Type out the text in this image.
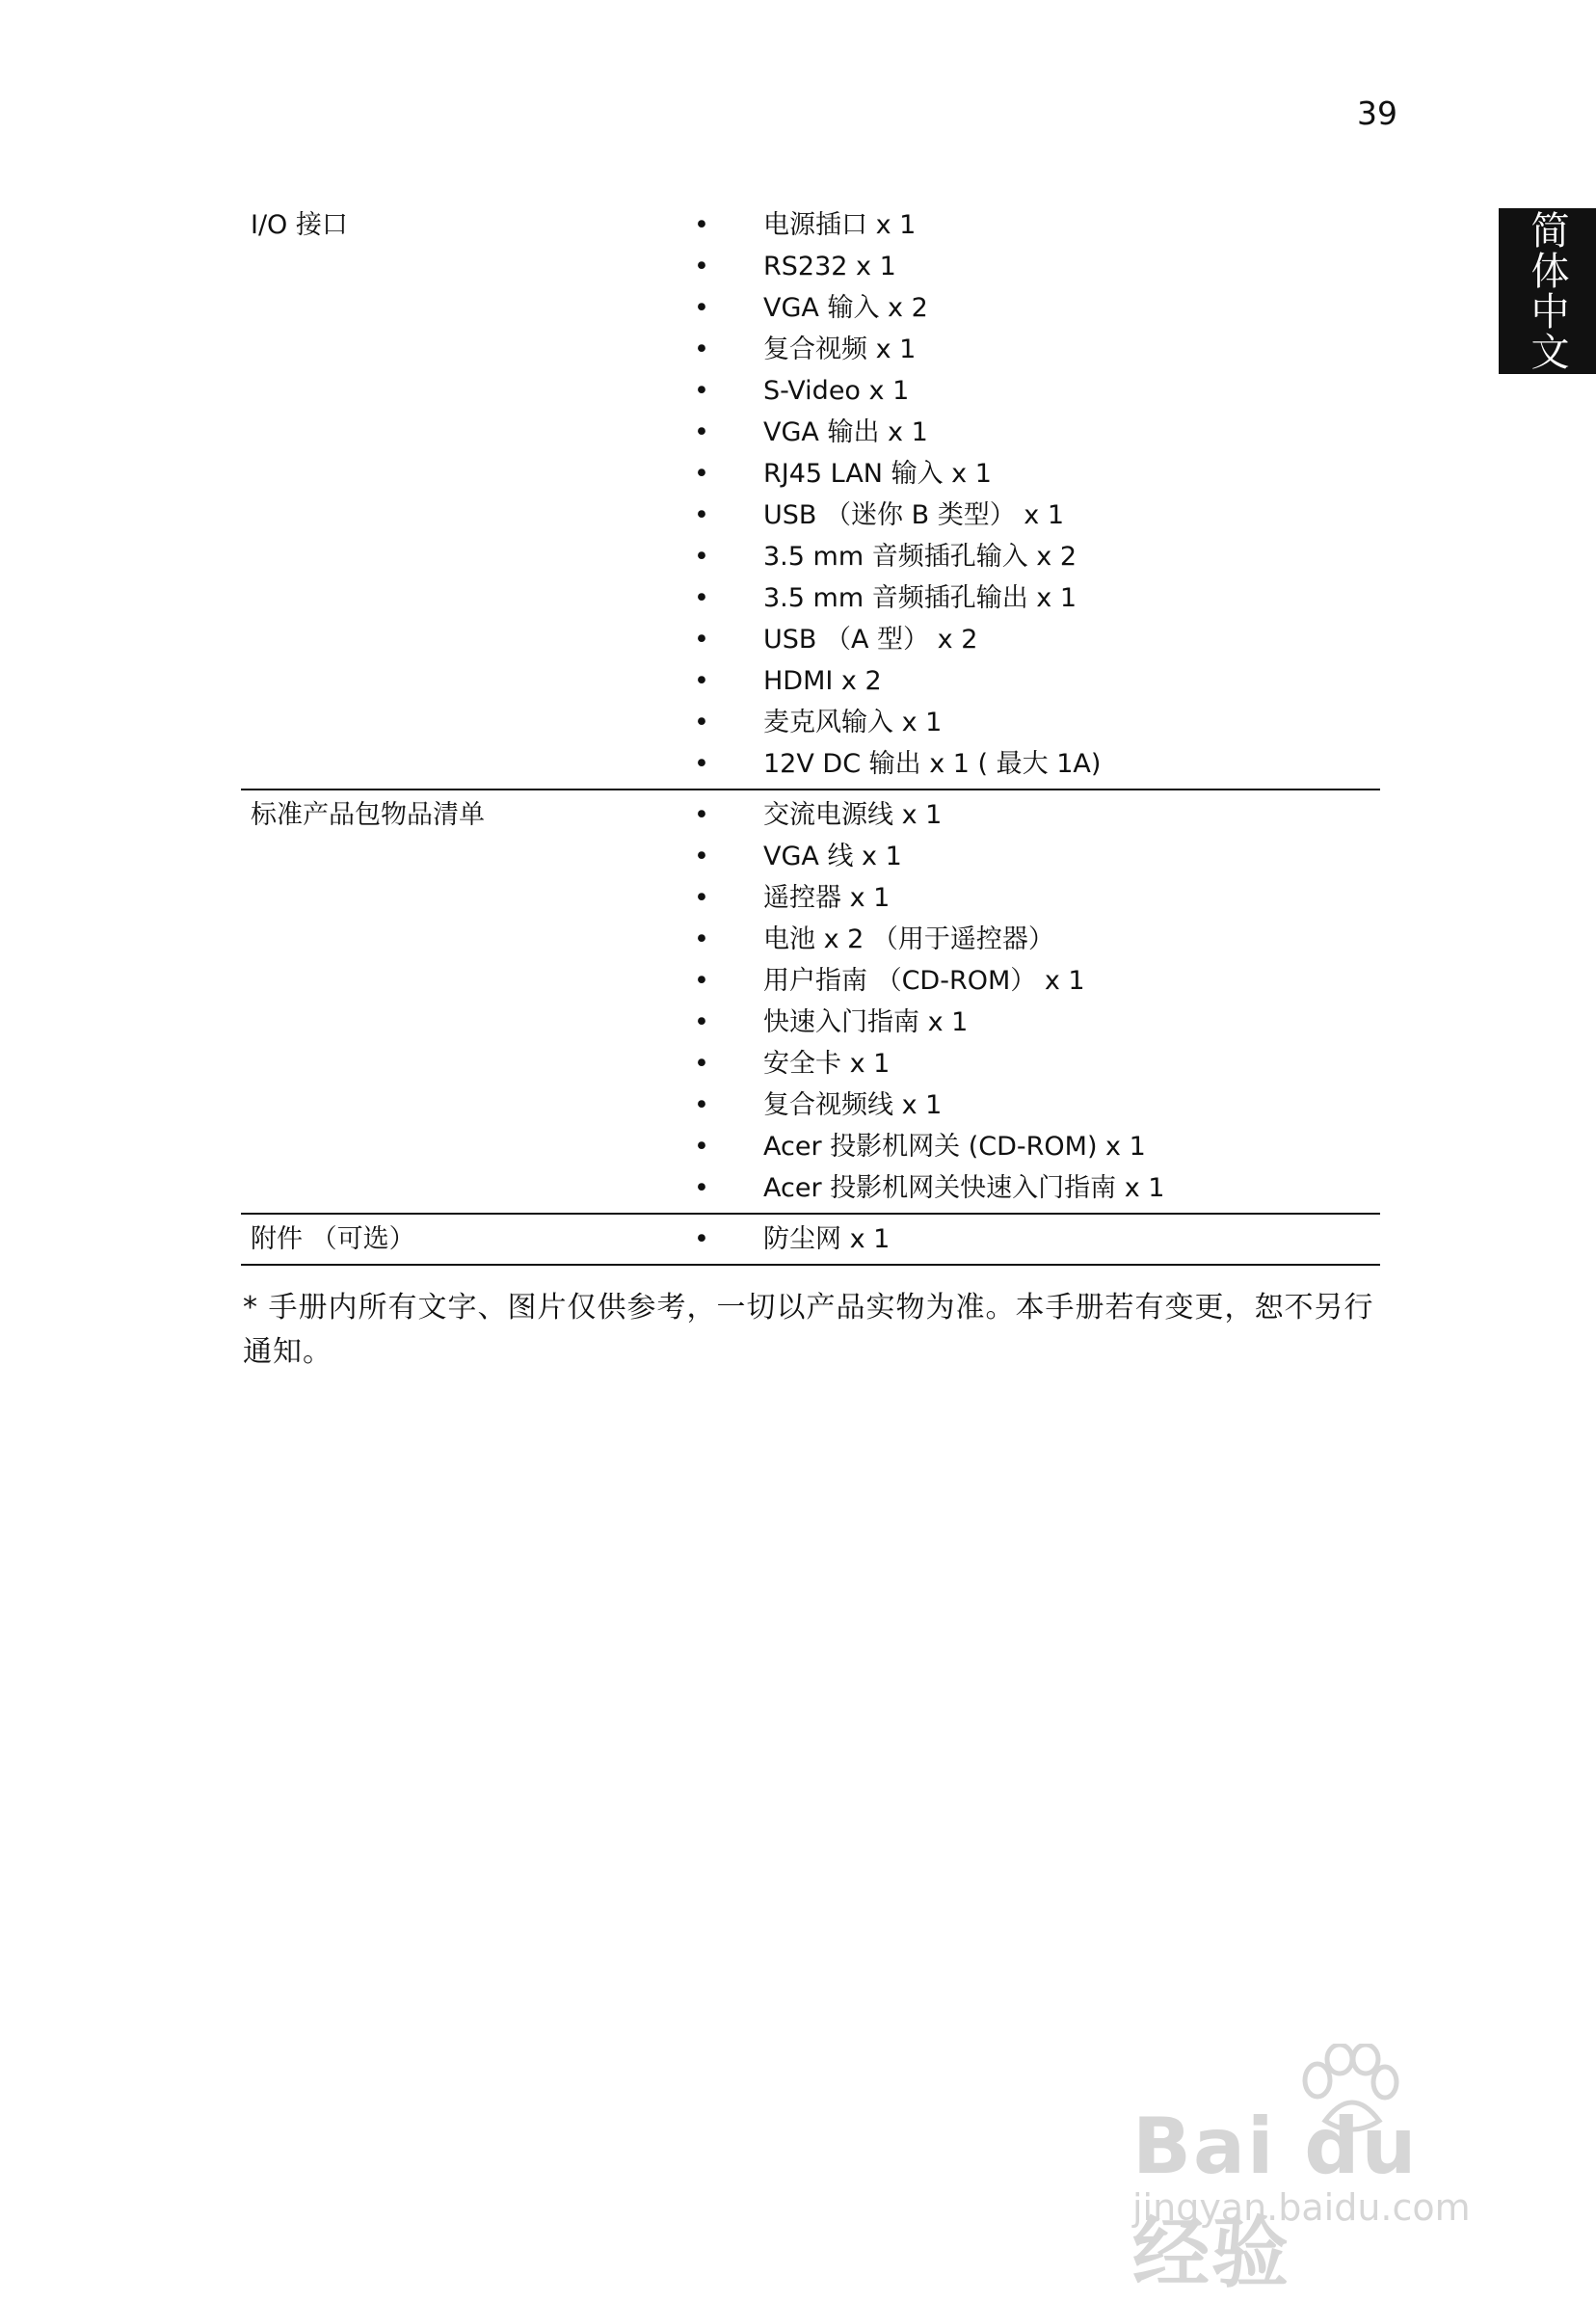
39
简体中文
I/O 接口	• 电源插口 x 1
• RS232 x 1
• VGA 输入 x 2
• 复合视频 x 1
• S-Video x 1
• VGA 输出 x 1
• RJ45 LAN 输入 x 1
• USB （迷你 B 类型） x 1
• 3.5 mm 音频插孔输入 x 2
• 3.5 mm 音频插孔输出 x 1
• USB （A 型） x 2
• HDMI x 2
• 麦克风输入 x 1
• 12V DC 输出 x 1 ( 最大 1A)
标准产品包物品清单	• 交流电源线 x 1
• VGA 线 x 1
• 遥控器 x 1
• 电池 x 2 （用于遥控器）
• 用户指南 （CD-ROM） x 1
• 快速入门指南 x 1
• 安全卡 x 1
• 复合视频线 x 1
• Acer 投影机网关 (CD-ROM) x 1
• Acer 投影机网关快速入门指南 x 1
附件 （可选）	• 防尘网 x 1
* 手册内所有文字、图片仅供参考，一切以产品实物为准。本手册若有变更，恕不另行通知。
Bai du 经验
jingyan.baidu.com
